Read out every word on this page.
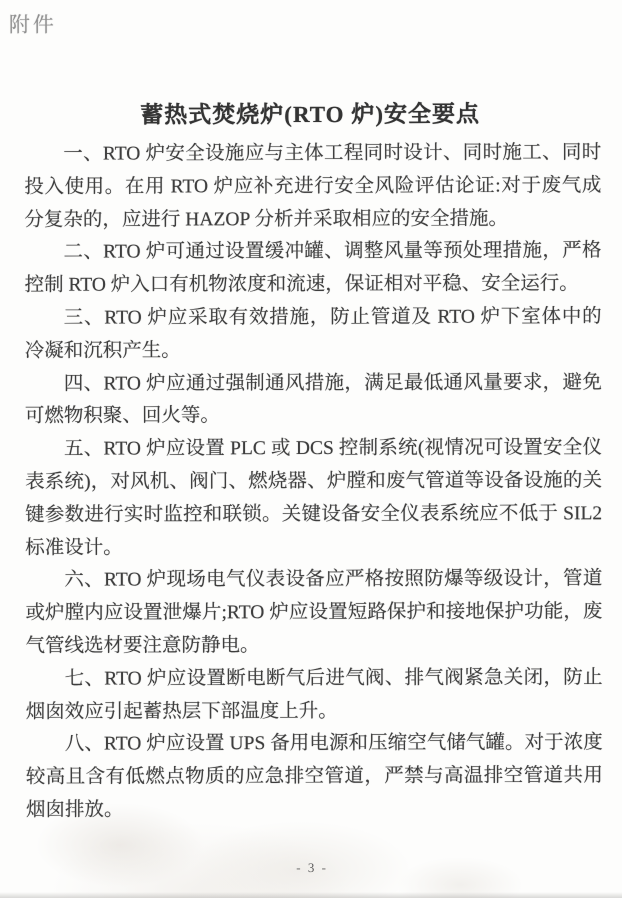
附件
蓄热式焚烧炉(RTO 炉)安全要点

一、RTO 炉安全设施应与主体工程同时设计、同时施工、同时投入使用。在用 RTO 炉应补充进行安全风险评估论证:对于废气成分复杂的，应进行 HAZOP 分析并采取相应的安全措施。

二、RTO 炉可通过设置缓冲罐、调整风量等预处理措施，严格控制 RTO 炉入口有机物浓度和流速，保证相对平稳、安全运行。

三、RTO 炉应采取有效措施，防止管道及 RTO 炉下室体中的冷凝和沉积产生。

四、RTO 炉应通过强制通风措施，满足最低通风量要求，避免可燃物积聚、回火等。

五、RTO 炉应设置 PLC 或 DCS 控制系统(视情况可设置安全仪表系统)，对风机、阀门、燃烧器、炉膛和废气管道等设备设施的关键参数进行实时监控和联锁。关键设备安全仪表系统应不低于 SIL2 标准设计。

六、RTO 炉现场电气仪表设备应严格按照防爆等级设计，管道或炉膛内应设置泄爆片;RTO 炉应设置短路保护和接地保护功能，废气管线选材要注意防静电。

七、RTO 炉应设置断电断气后进气阀、排气阀紧急关闭，防止烟囱效应引起蓄热层下部温度上升。

八、RTO 炉应设置 UPS 备用电源和压缩空气储气罐。对于浓度较高且含有低燃点物质的应急排空管道，严禁与高温排空管道共用烟囱排放。

- 3 -
